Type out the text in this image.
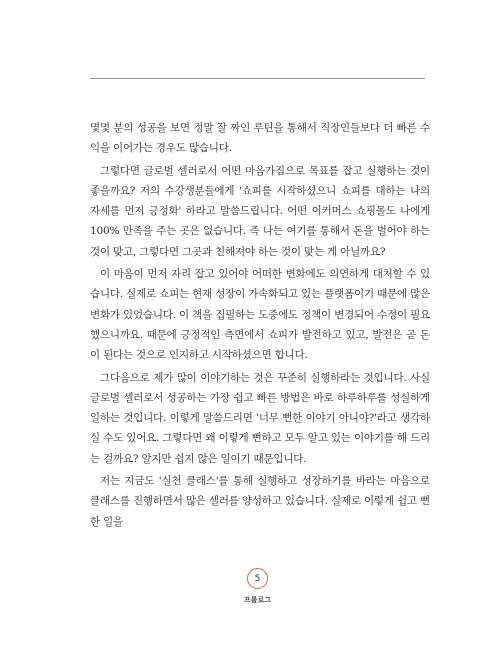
몇몇 분의 성공을 보면 정말 잘 짜인 루틴을 통해서 직장인들보다 더 빠른 수익을 이어가는 경우도 많습니다.

그렇다면 글로벌 셀러로서 어떤 마음가짐으로 목표를 잡고 실행하는 것이 좋을까요? 저의 수강생분들에게 '쇼피를 시작하셨으니 쇼피를 대하는 나의 자세를 먼저 긍정화' 하라고 말씀드립니다. 어떤 이커머스 쇼핑몰도 나에게 100% 만족을 주는 곳은 없습니다. 즉 나는 여기를 통해서 돈을 벌어야 하는 것이 맞고, 그렇다면 그곳과 친해져야 하는 것이 맞는 게 아닐까요?

이 마음이 먼저 자리 잡고 있어야 어떠한 변화에도 의연하게 대처할 수 있습니다. 실제로 쇼피는 현재 성장이 가속화되고 있는 플랫폼이기 때문에 많은 변화가 있었습니다. 이 책을 집필하는 도중에도 정책이 변경되어 수정이 필요했으니까요. 때문에 긍정적인 측면에서 쇼피가 발전하고 있고, 발전은 곧 돈이 된다는 것으로 인지하고 시작하셨으면 합니다.

그다음으로 제가 많이 이야기하는 것은 꾸준히 실행하라는 것입니다. 사실 글로벌 셀러로서 성공하는 가장 쉽고 빠른 방법은 바로 하루하루를 성실하게 일하는 것입니다. 이렇게 말씀드리면 '너무 뻔한 이야기 아니야?'라고 생각하실 수도 있어요. 그렇다면 왜 이렇게 뻔하고 모두 알고 있는 이야기를 해 드리는 걸까요? 알지만 쉽지 않은 일이기 때문입니다.

저는 지금도 '실천 클래스'를 통해 실행하고 성장하기를 바라는 마음으로 클래스를 진행하면서 많은 셀러를 양성하고 있습니다. 실제로 이렇게 쉽고 뻔한 일을

5
프롤로그
